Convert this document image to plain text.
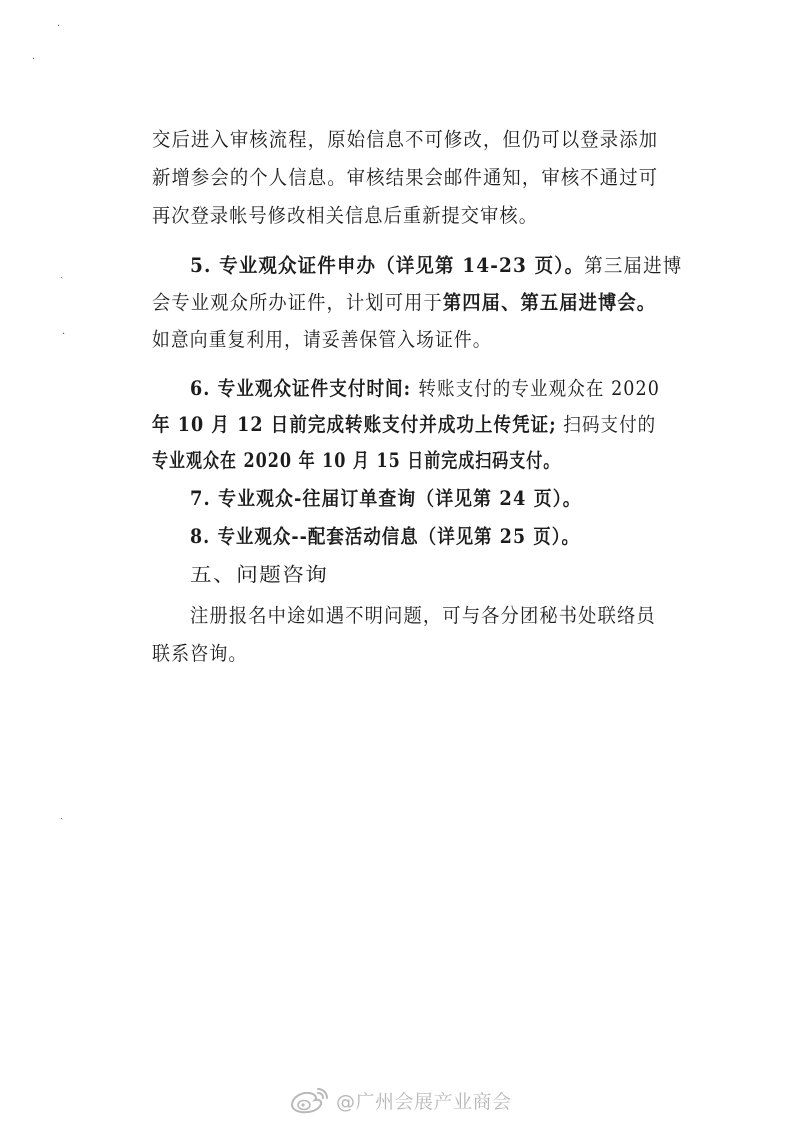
·
·
ˎ
·
ˎ
交后进入审核流程，原始信息不可修改，但仍可以登录添加
新增参会的个人信息。审核结果会邮件通知，审核不通过可
再次登录帐号修改相关信息后重新提交审核。
5. 专业观众证件申办（详见第 14-23 页）。第三届进博
会专业观众所办证件，计划可用于第四届、第五届进博会。
如意向重复利用，请妥善保管入场证件。
6. 专业观众证件支付时间: 转账支付的专业观众在 2020
年 10 月 12 日前完成转账支付并成功上传凭证; 扫码支付的
专业观众在 2020 年 10 月 15 日前完成扫码支付。
7. 专业观众-往届订单查询（详见第 24 页）。
8. 专业观众--配套活动信息（详见第 25 页）。
五、问题咨询
注册报名中途如遇不明问题，可与各分团秘书处联络员
联系咨询。
@广州会展产业商会
